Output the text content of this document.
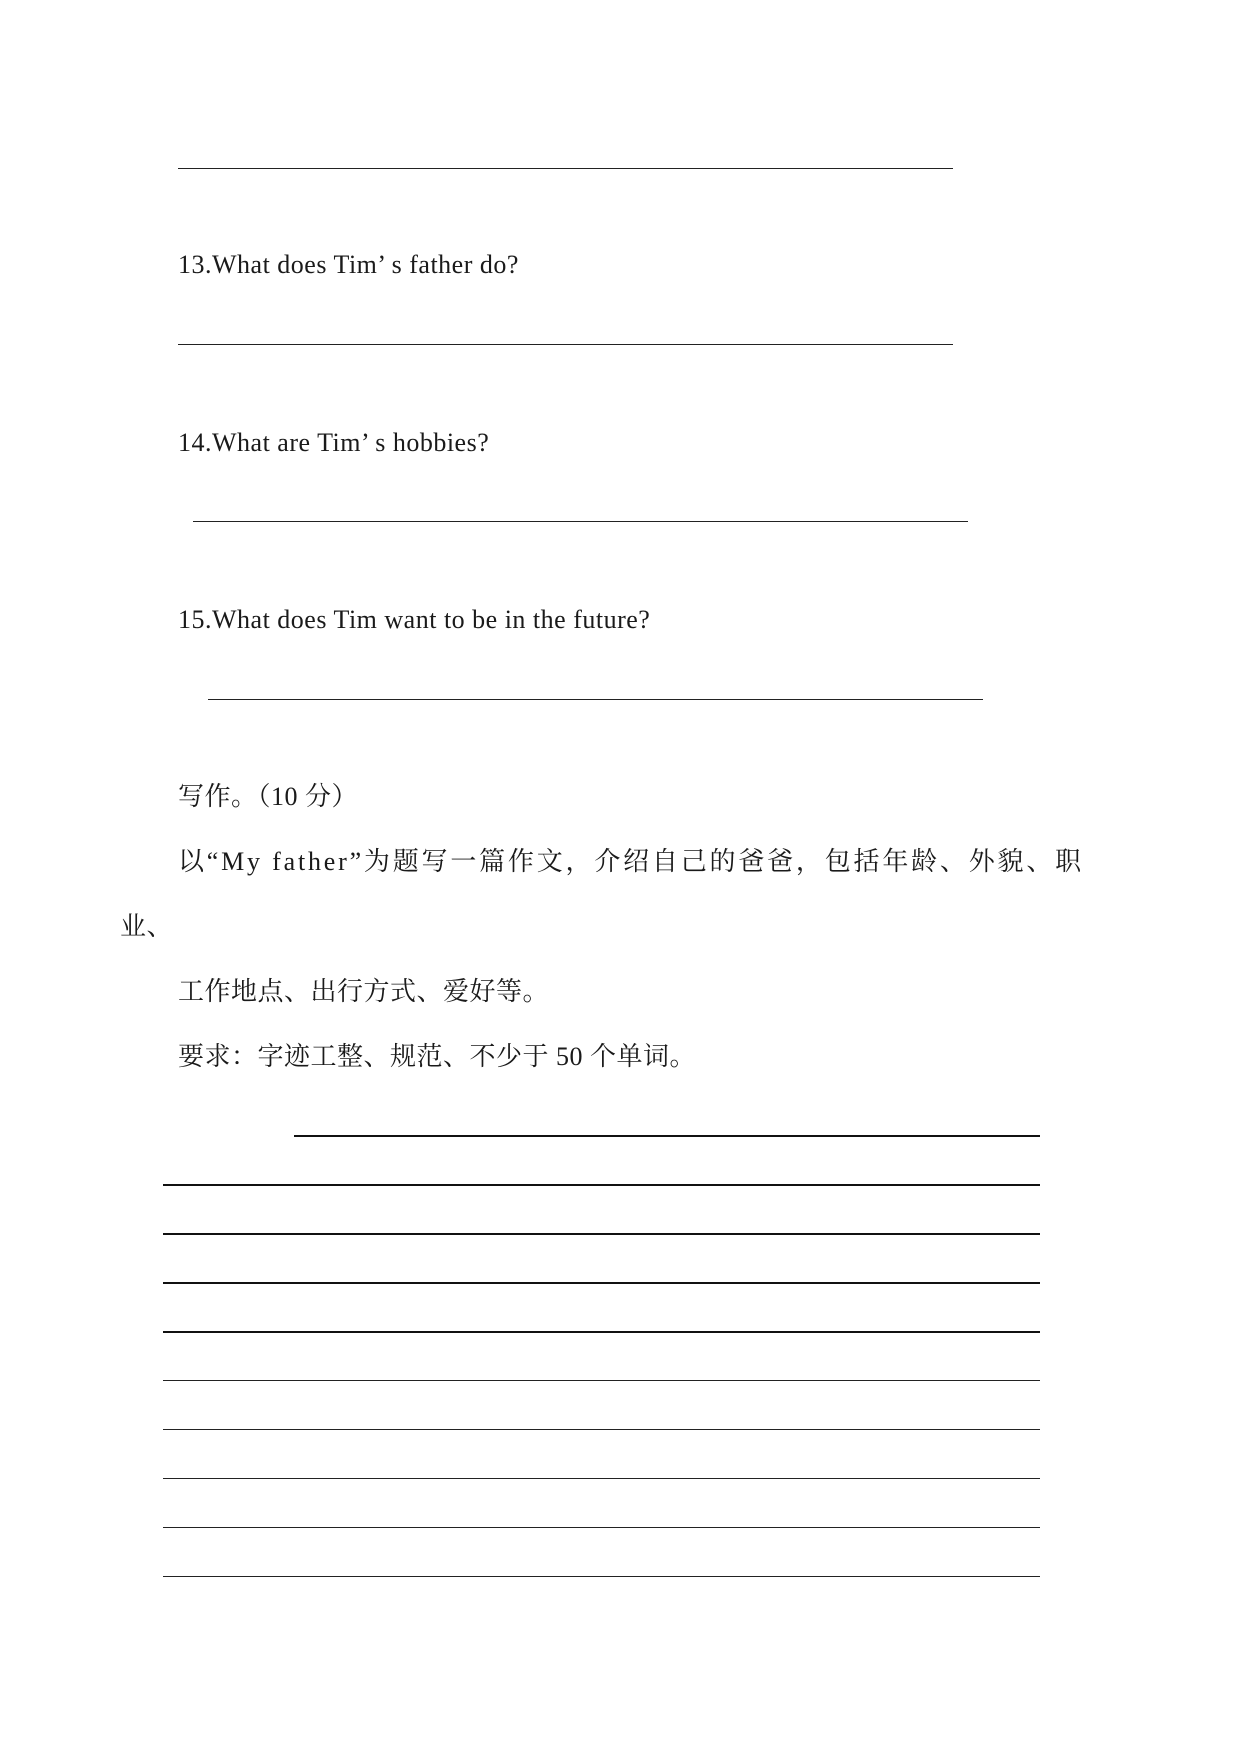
13.What does Tim’ s father do?
14.What are Tim’ s hobbies?
15.What does Tim want to be in the future?
写作。（10 分）
以“My father”为题写一篇作文，介绍自己的爸爸，包括年龄、外貌、职
业、
工作地点、出行方式、爱好等。
要求：字迹工整、规范、不少于 50 个单词。
